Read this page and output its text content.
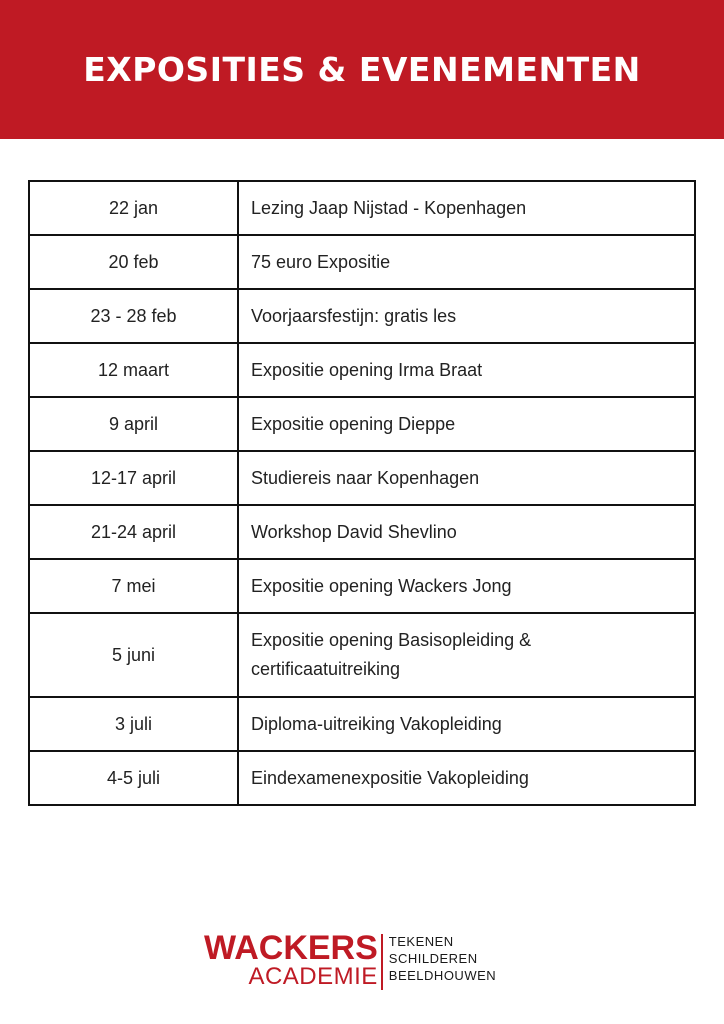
EXPOSITIES & EVENEMENTEN
22 jan	Lezing Jaap Nijstad - Kopenhagen
20 feb	75 euro Expositie
23 - 28 feb	Voorjaarsfestijn: gratis les
12 maart	Expositie opening Irma Braat
9 april	Expositie opening Dieppe
12-17 april	Studiereis naar Kopenhagen
21-24 april	Workshop David Shevlino
7 mei	Expositie opening Wackers Jong
5 juni	Expositie opening Basisopleiding & certificaatuitreiking
3 juli	Diploma-uitreiking Vakopleiding
4-5 juli	Eindexamenexpositie Vakopleiding
WACKERS
ACADEMIE
TEKENEN
SCHILDEREN
BEELDHOUWEN
